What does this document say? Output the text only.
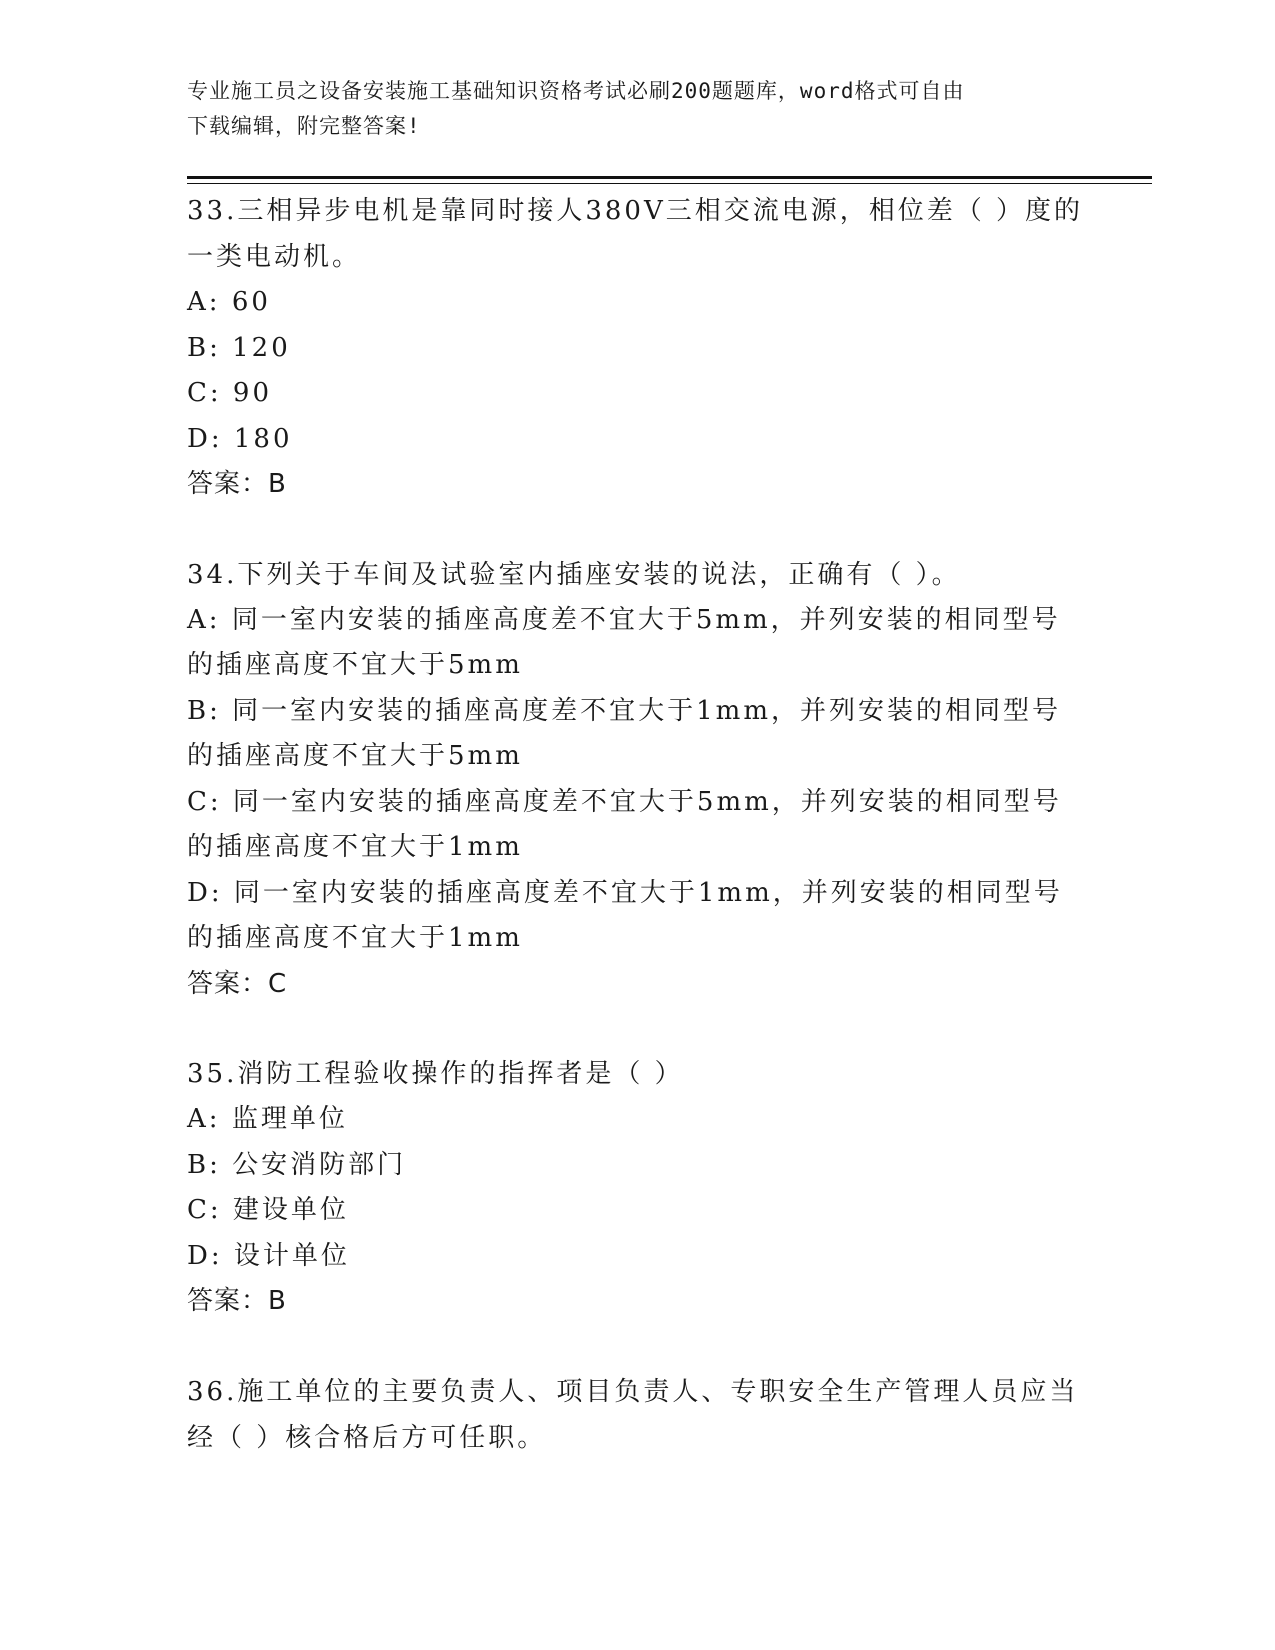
专业施工员之设备安装施工基础知识资格考试必刷200题题库，word格式可自由
下载编辑，附完整答案!
33.三相异步电机是靠同时接人380V三相交流电源，相位差（ ）度的一类电动机。
A: 60
B: 120
C: 90
D: 180
答案：B
34.下列关于车间及试验室内插座安装的说法，正确有（ ）。
A: 同一室内安装的插座高度差不宜大于5mm，并列安装的相同型号的插座高度不宜大于5mm
B: 同一室内安装的插座高度差不宜大于1mm，并列安装的相同型号的插座高度不宜大于5mm
C: 同一室内安装的插座高度差不宜大于5mm，并列安装的相同型号的插座高度不宜大于1mm
D: 同一室内安装的插座高度差不宜大于1mm，并列安装的相同型号的插座高度不宜大于1mm
答案：C
35.消防工程验收操作的指挥者是（ ）
A: 监理单位
B: 公安消防部门
C: 建设单位
D: 设计单位
答案：B
36.施工单位的主要负责人、项目负责人、专职安全生产管理人员应当经（ ）核合格后方可任职。
